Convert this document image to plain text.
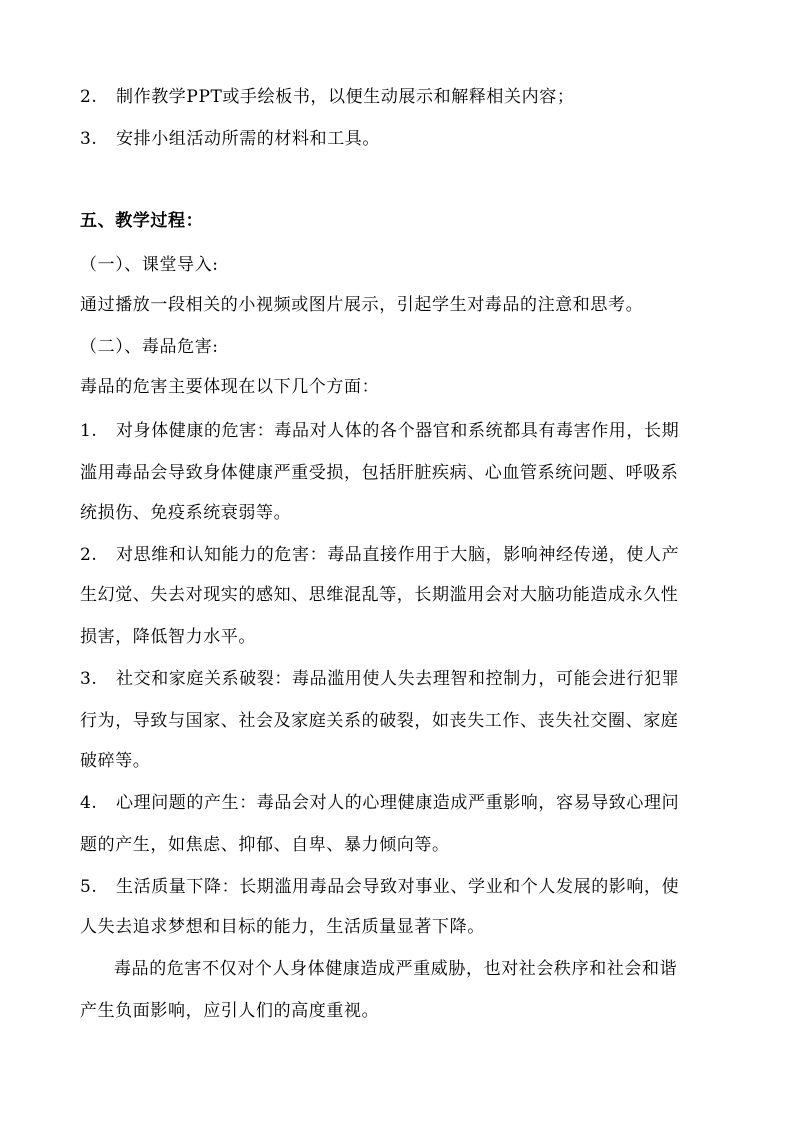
2. 制作教学PPT或手绘板书，以便生动展示和解释相关内容；
3. 安排小组活动所需的材料和工具。
五、教学过程：
（一）、课堂导入:
通过播放一段相关的小视频或图片展示，引起学生对毒品的注意和思考。
（二）、毒品危害:
毒品的危害主要体现在以下几个方面：
1. 对身体健康的危害：毒品对人体的各个器官和系统都具有毒害作用，长期
滥用毒品会导致身体健康严重受损，包括肝脏疾病、心血管系统问题、呼吸系
统损伤、免疫系统衰弱等。
2. 对思维和认知能力的危害：毒品直接作用于大脑，影响神经传递，使人产
生幻觉、失去对现实的感知、思维混乱等，长期滥用会对大脑功能造成永久性
损害，降低智力水平。
3. 社交和家庭关系破裂：毒品滥用使人失去理智和控制力，可能会进行犯罪
行为，导致与国家、社会及家庭关系的破裂，如丧失工作、丧失社交圈、家庭
破碎等。
4. 心理问题的产生：毒品会对人的心理健康造成严重影响，容易导致心理问
题的产生，如焦虑、抑郁、自卑、暴力倾向等。
5. 生活质量下降：长期滥用毒品会导致对事业、学业和个人发展的影响，使
人失去追求梦想和目标的能力，生活质量显著下降。
毒品的危害不仅对个人身体健康造成严重威胁，也对社会秩序和社会和谐
产生负面影响，应引人们的高度重视。
